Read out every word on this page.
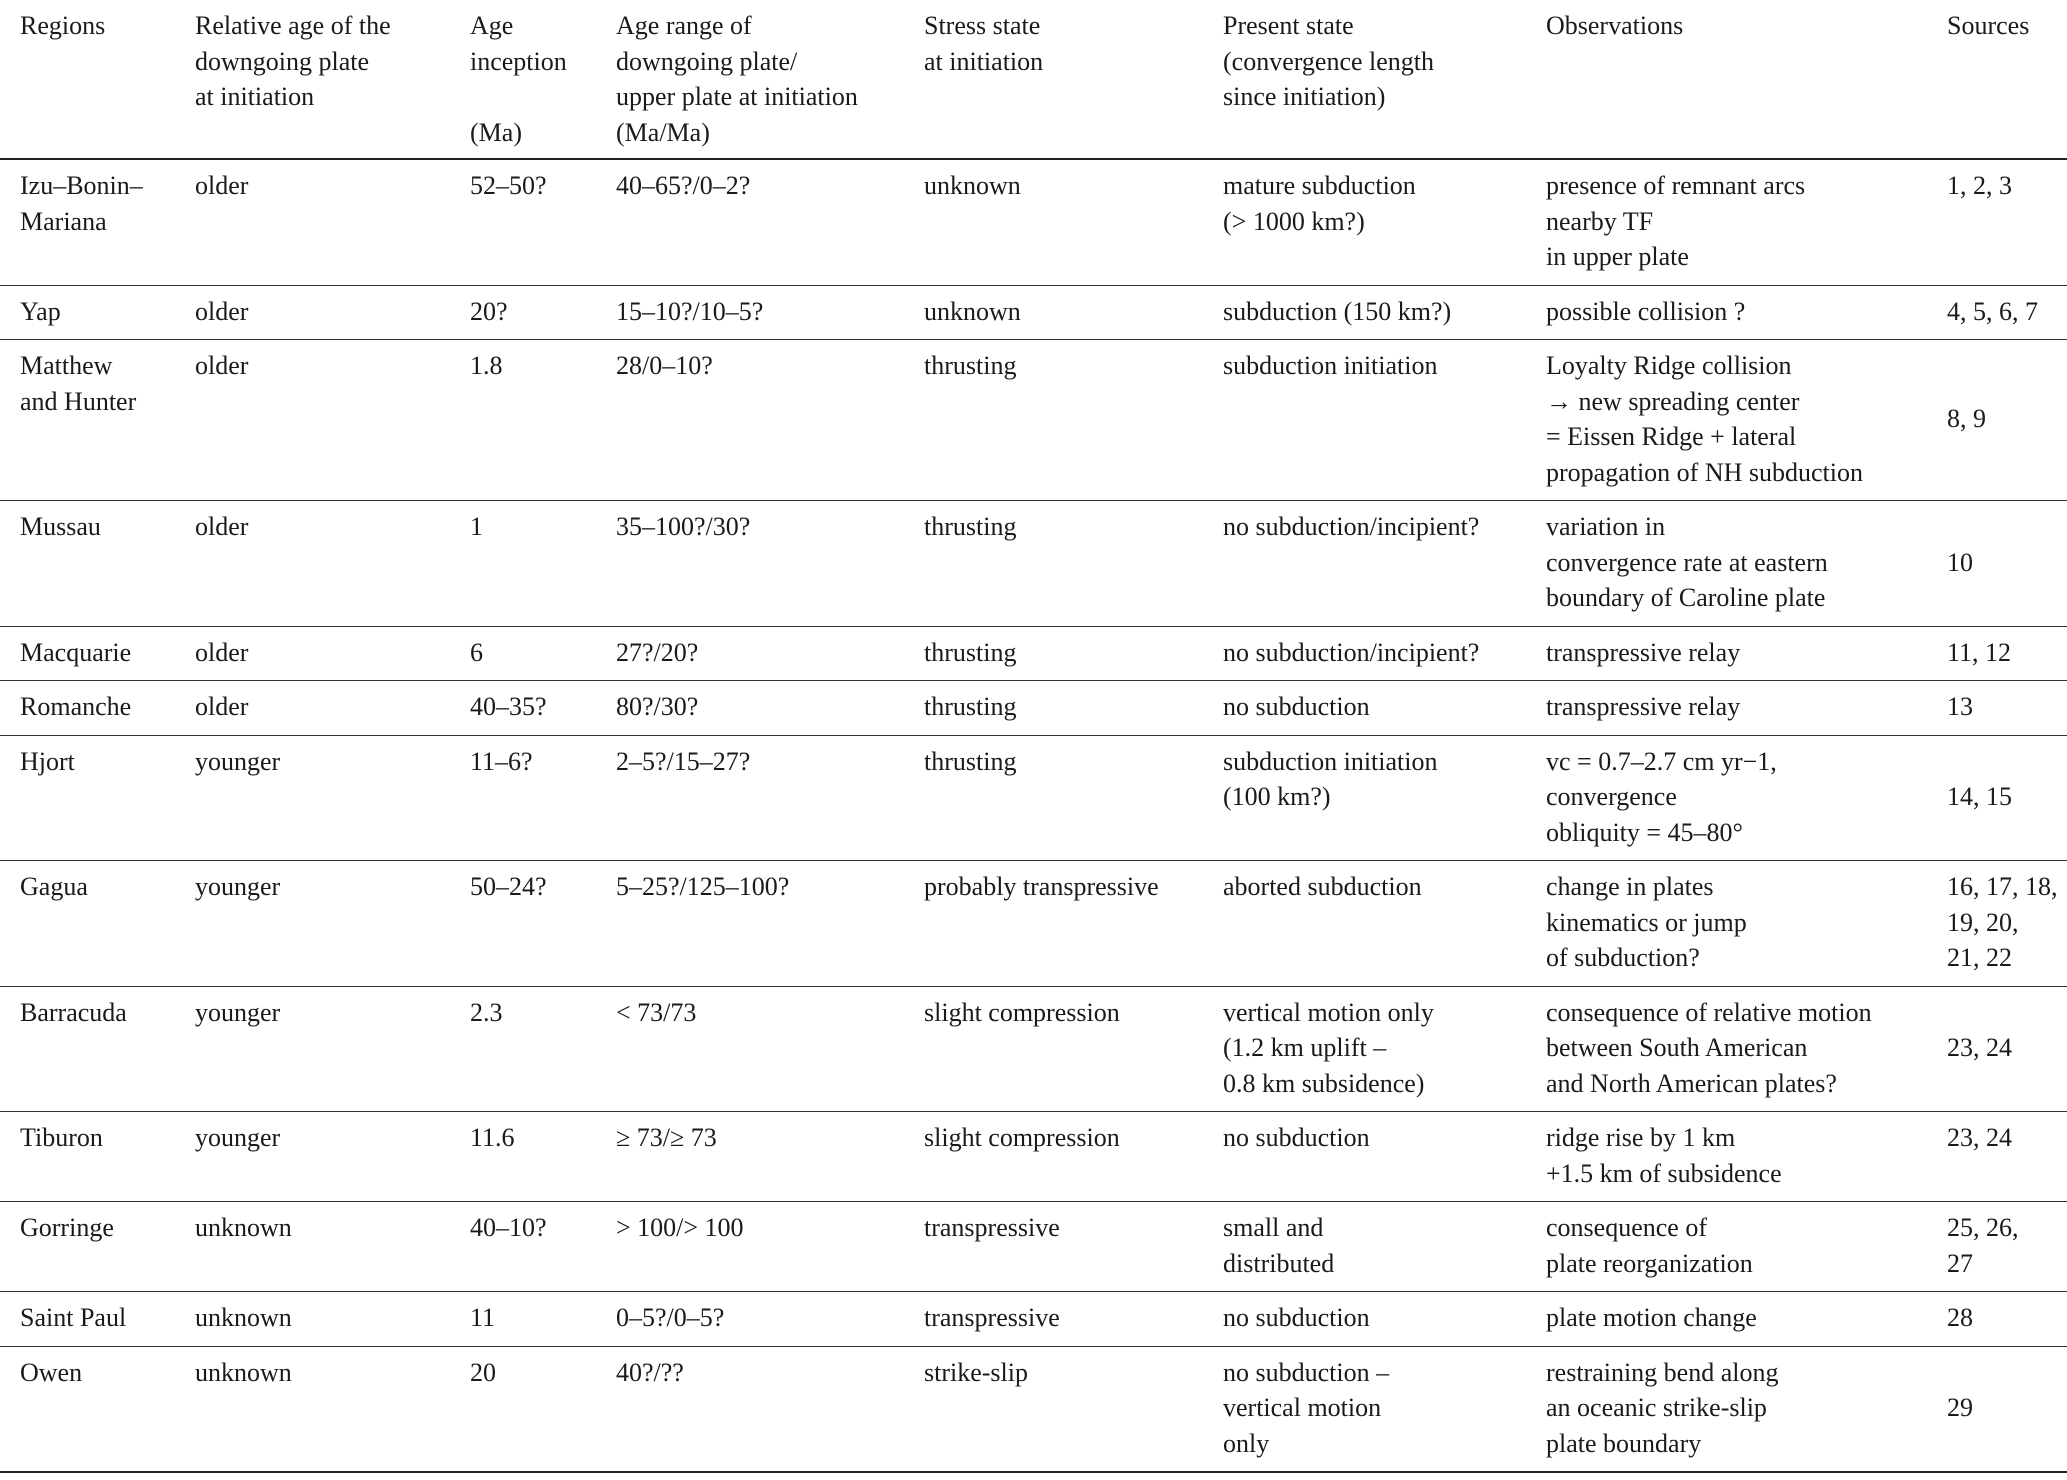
Regions	Relative age of the
downgoing plate
at initiation	Age
inception
(Ma)	Age range of
downgoing plate/
upper plate at initiation
(Ma/Ma)	Stress state
at initiation	Present state
(convergence length
since initiation)	Observations	Sources

Izu–Bonin–
Mariana	older	52–50?	40–65?/0–2?	unknown	mature subduction
(> 1000 km?)	presence of remnant arcs
nearby TF
in upper plate	1, 2, 3

Yap	older	20?	15–10?/10–5?	unknown	subduction (150 km?)	possible collision ?	4, 5, 6, 7

Matthew
and Hunter	older	1.8	28/0–10?	thrusting	subduction initiation	Loyalty Ridge collision
→ new spreading center
= Eissen Ridge + lateral
propagation of NH subduction	8, 9

Mussau	older	1	35–100?/30?	thrusting	no subduction/incipient?	variation in
convergence rate at eastern
boundary of Caroline plate	10

Macquarie	older	6	27?/20?	thrusting	no subduction/incipient?	transpressive relay	11, 12

Romanche	older	40–35?	80?/30?	thrusting	no subduction	transpressive relay	13

Hjort	younger	11–6?	2–5?/15–27?	thrusting	subduction initiation
(100 km?)	vc = 0.7–2.7 cm yr−1,
convergence
obliquity = 45–80°	14, 15

Gagua	younger	50–24?	5–25?/125–100?	probably transpressive	aborted subduction	change in plates
kinematics or jump
of subduction?	16, 17, 18,
19, 20,
21, 22

Barracuda	younger	2.3	< 73/73	slight compression	vertical motion only
(1.2 km uplift –
0.8 km subsidence)	consequence of relative motion
between South American
and North American plates?	23, 24

Tiburon	younger	11.6	≥ 73/≥ 73	slight compression	no subduction	ridge rise by 1 km
+1.5 km of subsidence	23, 24

Gorringe	unknown	40–10?	> 100/> 100	transpressive	small and
distributed	consequence of
plate reorganization	25, 26,
27

Saint Paul	unknown	11	0–5?/0–5?	transpressive	no subduction	plate motion change	28

Owen	unknown	20	40?/??	strike-slip	no subduction –
vertical motion
only	restraining bend along
an oceanic strike-slip
plate boundary	29
